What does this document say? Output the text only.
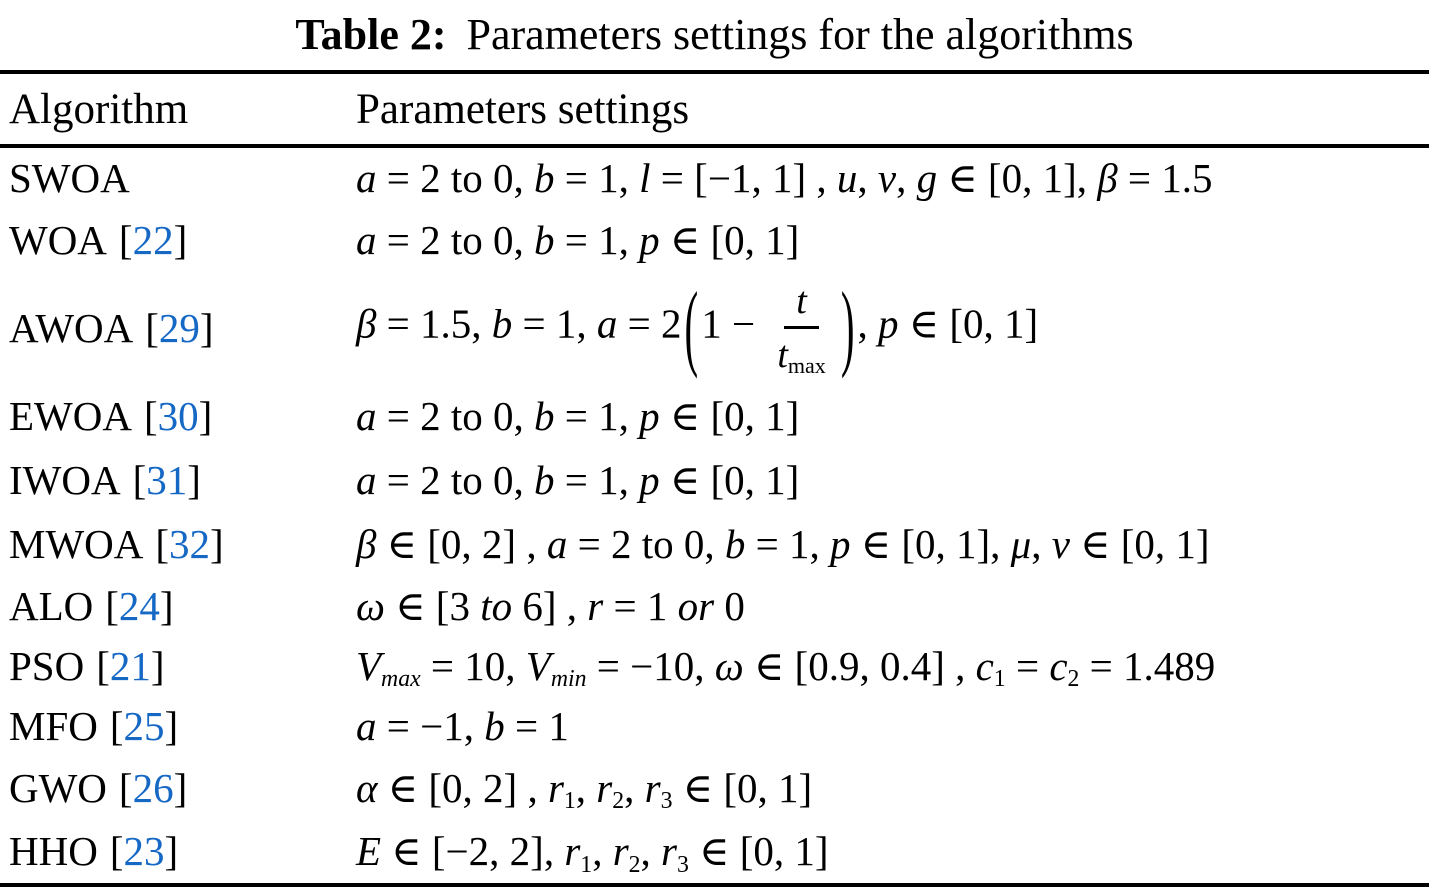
Table 2: Parameters settings for the algorithms
Algorithm	Parameters settings
SWOA	a = 2 to 0, b = 1, l = [−1, 1] , u, v, g ∈ [0, 1], β = 1.5
WOA [22]	a = 2 to 0, b = 1, p ∈ [0, 1]
AWOA [29]	β = 1.5, b = 1, $a = 2(1 - \frac{t}{t_{max}}$ ), p ∈ [0, 1]
EWOA [30]	a = 2 to 0, b = 1, p ∈ [0, 1]
IWOA [31]	a = 2 to 0, b = 1, p ∈ [0, 1]
MWOA [32]	β ∈ [0, 2] , a = 2 to 0, b = 1, p ∈ [0, 1], μ, v ∈ [0, 1]
ALO [24]	ω ∈ [3 to 6] , r = 1 or 0
PSO [21]	$V_{max} = 10$, $V_{min} = -10$, ω ∈ [0.9, 0.4] , $c_1 = c_2 = 1.489$
MFO [25]	a = −1, b = 1
GWO [26]	α ∈ [0, 2] , $r_1$, $r_2$, $r_3$ ∈ [0, 1]
HHO [23]	E ∈ [−2, 2], $r_1$, $r_2$, $r_3$ ∈ [0, 1]
